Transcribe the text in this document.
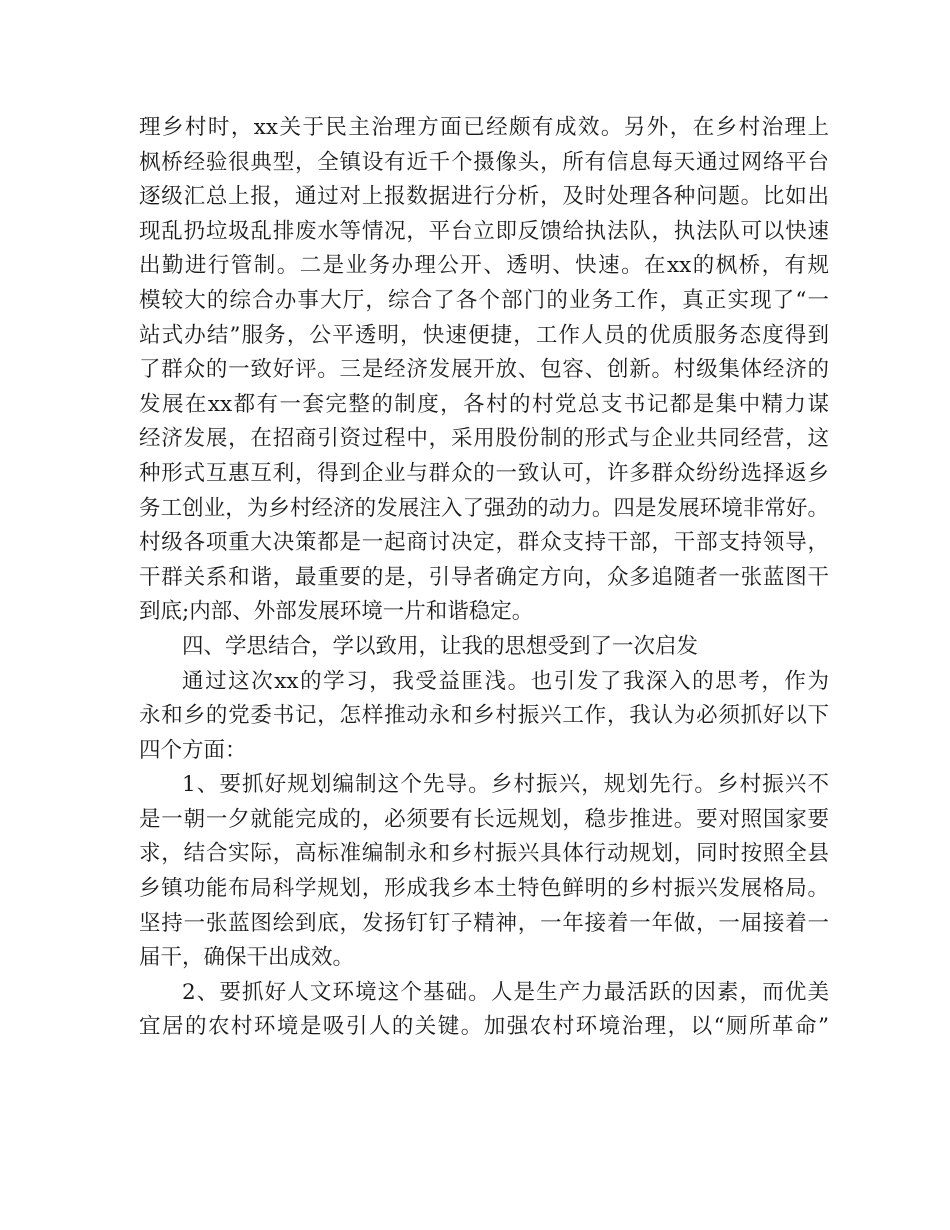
理乡村时，xx关于民主治理方面已经颇有成效。另外，在乡村治理上
枫桥经验很典型，全镇设有近千个摄像头，所有信息每天通过网络平台
逐级汇总上报，通过对上报数据进行分析，及时处理各种问题。比如出
现乱扔垃圾乱排废水等情况，平台立即反馈给执法队，执法队可以快速
出勤进行管制。二是业务办理公开、透明、快速。在xx的枫桥，有规
模较大的综合办事大厅，综合了各个部门的业务工作，真正实现了“一
站式办结”服务，公平透明，快速便捷，工作人员的优质服务态度得到
了群众的一致好评。三是经济发展开放、包容、创新。村级集体经济的
发展在xx都有一套完整的制度，各村的村党总支书记都是集中精力谋
经济发展，在招商引资过程中，采用股份制的形式与企业共同经营，这
种形式互惠互利，得到企业与群众的一致认可，许多群众纷纷选择返乡
务工创业，为乡村经济的发展注入了强劲的动力。四是发展环境非常好。
村级各项重大决策都是一起商讨决定，群众支持干部，干部支持领导，
干群关系和谐，最重要的是，引导者确定方向，众多追随者一张蓝图干
到底;内部、外部发展环境一片和谐稳定。
四、学思结合，学以致用，让我的思想受到了一次启发
通过这次xx的学习，我受益匪浅。也引发了我深入的思考，作为
永和乡的党委书记，怎样推动永和乡村振兴工作，我认为必须抓好以下
四个方面：
1、要抓好规划编制这个先导。乡村振兴，规划先行。乡村振兴不
是一朝一夕就能完成的，必须要有长远规划，稳步推进。要对照国家要
求，结合实际，高标准编制永和乡村振兴具体行动规划，同时按照全县
乡镇功能布局科学规划，形成我乡本土特色鲜明的乡村振兴发展格局。
坚持一张蓝图绘到底，发扬钉钉子精神，一年接着一年做，一届接着一
届干，确保干出成效。
2、要抓好人文环境这个基础。人是生产力最活跃的因素，而优美
宜居的农村环境是吸引人的关键。加强农村环境治理，以“厕所革命”
